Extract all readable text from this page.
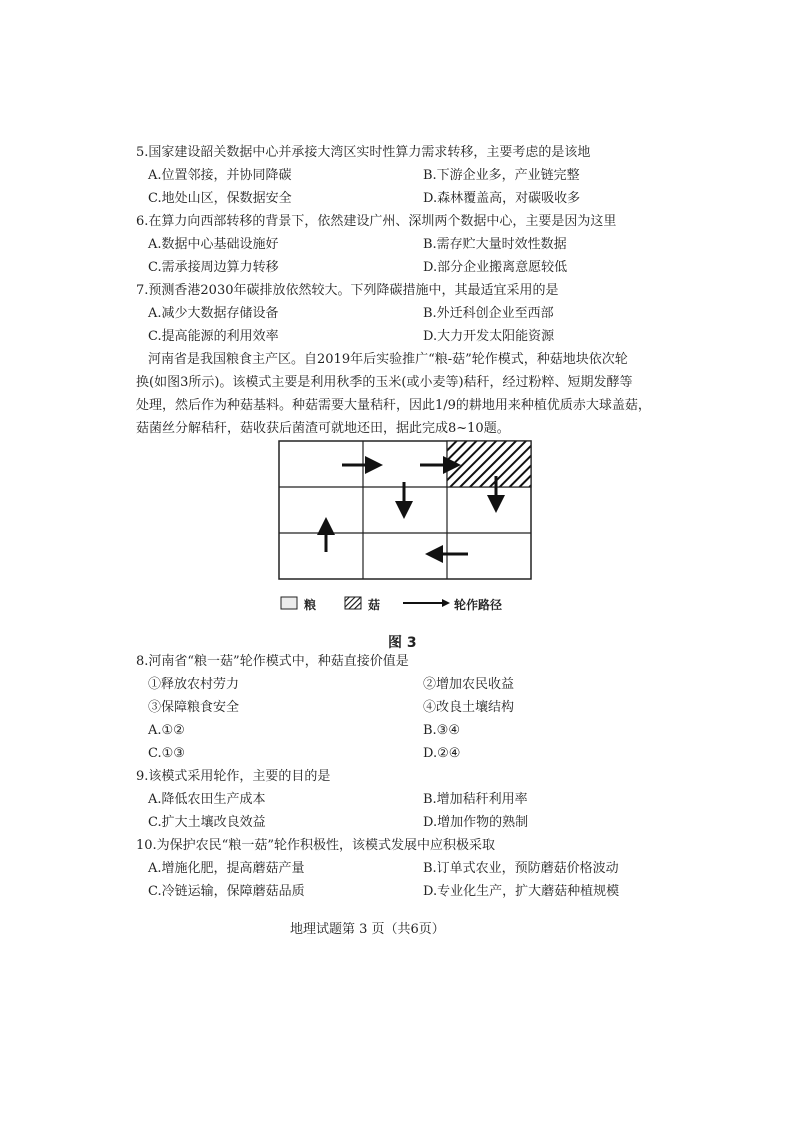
5.国家建设韶关数据中心并承接大湾区实时性算力需求转移，主要考虑的是该地
A.位置邻接，并协同降碳	B.下游企业多，产业链完整
C.地处山区，保数据安全	D.森林覆盖高，对碳吸收多
6.在算力向西部转移的背景下，依然建设广州、深圳两个数据中心，主要是因为这里
A.数据中心基础设施好	B.需存贮大量时效性数据
C.需承接周边算力转移	D.部分企业搬离意愿较低
7.预测香港2030年碳排放依然较大。下列降碳措施中，其最适宜采用的是
A.减少大数据存储设备	B.外迁科创企业至西部
C.提高能源的利用效率	D.大力开发太阳能资源
河南省是我国粮食主产区。自2019年后实验推广“粮-菇”轮作模式，种菇地块依次轮
换(如图3所示)。该模式主要是利用秋季的玉米(或小麦等)秸秆，经过粉粹、短期发酵等
处理，然后作为种菇基料。种菇需要大量秸秆，因此1/9的耕地用来种植优质赤大球盖菇，
菇菌丝分解秸秆，菇收获后菌渣可就地还田，据此完成8~10题。
粮	菇	轮作路径
图 3
8.河南省“粮一菇”轮作模式中，种菇直接价值是
①释放农村劳力	②增加农民收益
③保障粮食安全	④改良土壤结构
A.①②	B.③④
C.①③	D.②④
9.该模式采用轮作，主要的目的是
A.降低农田生产成本	B.增加秸秆利用率
C.扩大土壤改良效益	D.增加作物的熟制
10.为保护农民“粮一菇”轮作积极性，该模式发展中应积极采取
A.增施化肥，提高蘑菇产量	B.订单式农业，预防蘑菇价格波动
C.冷链运输，保障蘑菇品质	D.专业化生产，扩大蘑菇种植规模
地理试题第 3 页（共6页）
